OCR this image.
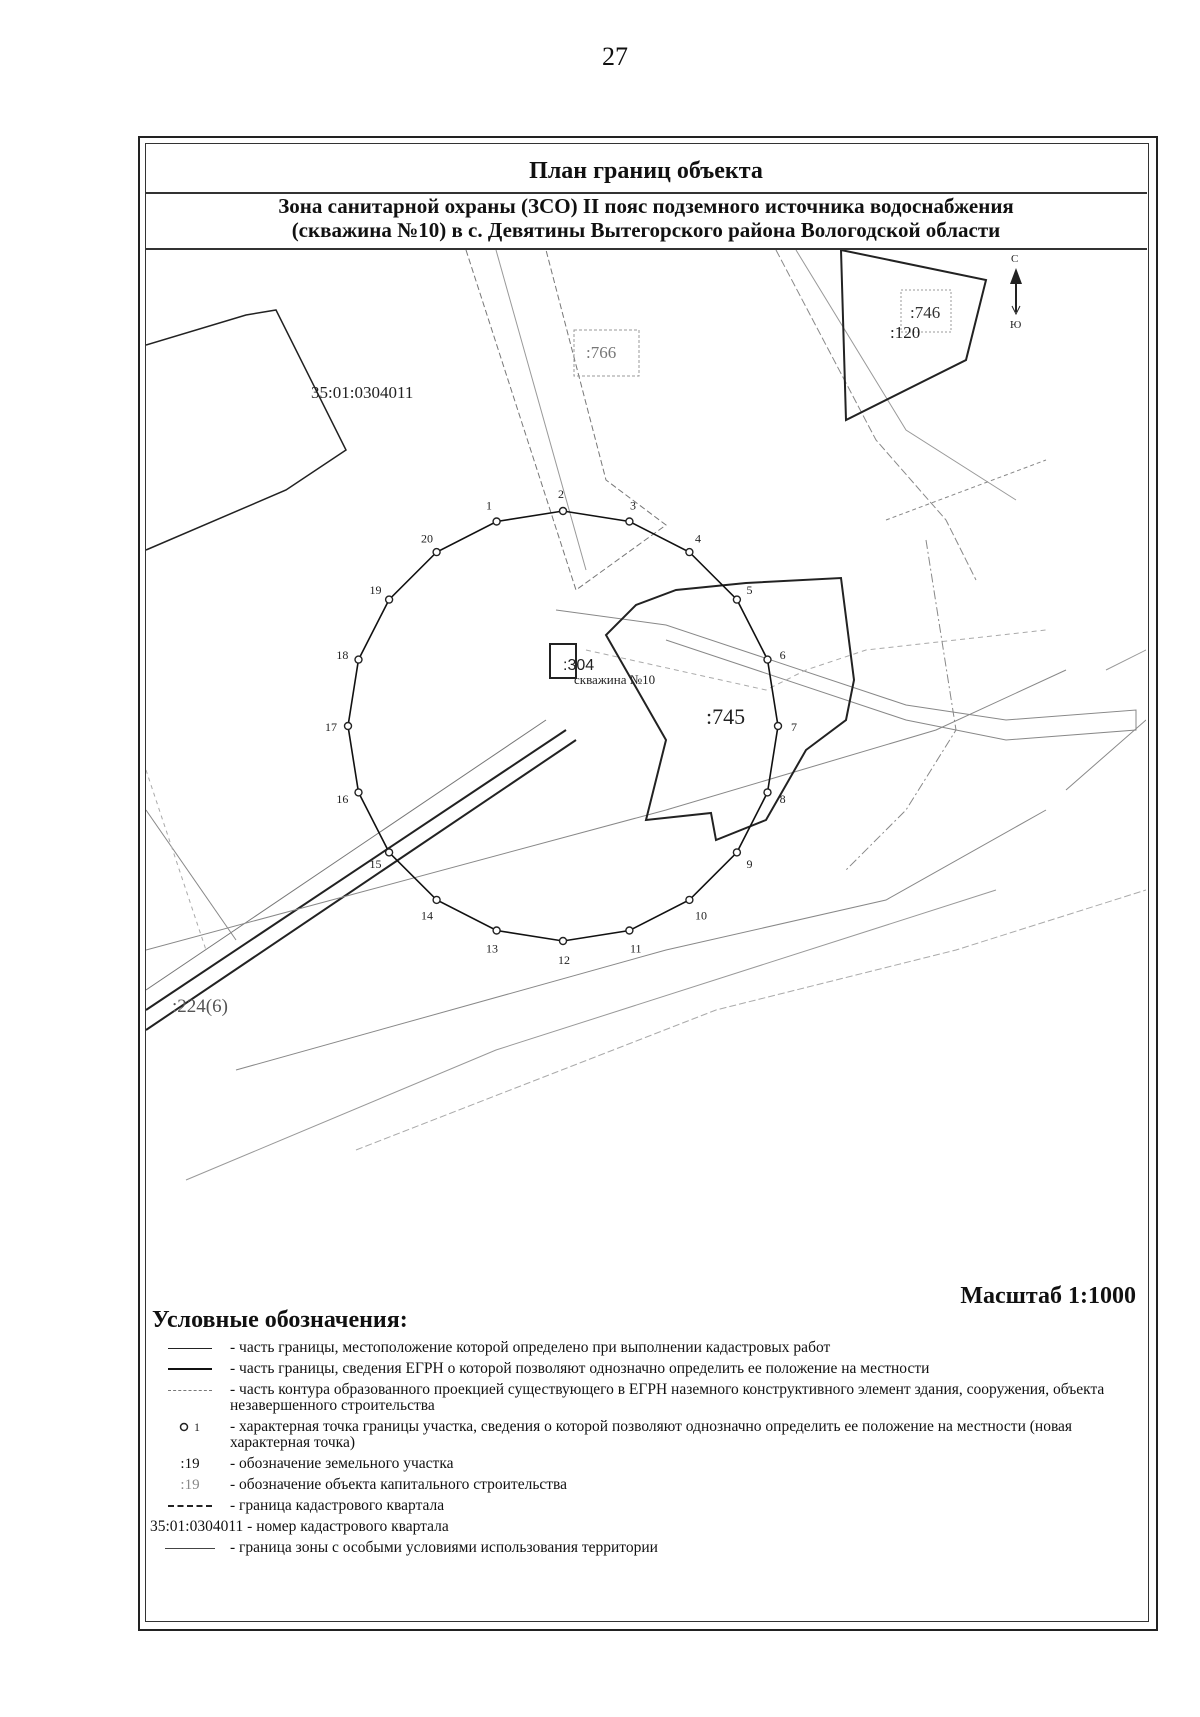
27
План границ объекта
Зона санитарной охраны (ЗСО) II пояс подземного источника водоснабжения
(скважина №10) в с. Девятины Вытегорского района Вологодской области
:746
:120
:766
35:01:0304011
С
Ю
:745
:304
скважина №10
:224(6)
1
2
3
4
5
6
7
8
9
10
11
12
13
14
15
16
17
18
19
20
Масштаб 1:1000
Условные обозначения:
- часть границы, местоположение которой определено при выполнении кадастровых работ
- часть границы, сведения ЕГРН о которой позволяют однозначно определить ее положение на местности
- часть контура образованного проекцией существующего в ЕГРН наземного конструктивного элемент здания, сооружения, объекта незавершенного строительства
1 - характерная точка границы участка, сведения о которой позволяют однозначно определить ее положение на местности (новая характерная точка)
:19 - обозначение земельного участка
:19 - обозначение объекта капитального строительства
- граница кадастрового квартала
35:01:0304011
- номер кадастрового квартала
- граница зоны с особыми условиями использования территории
